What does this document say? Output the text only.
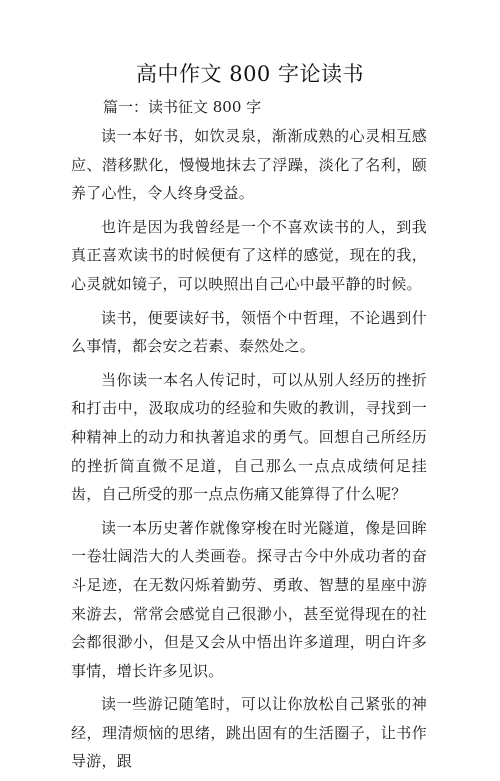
高中作文 800 字论读书
篇一：读书征文 800 字

读一本好书，如饮灵泉，渐渐成熟的心灵相互感应、潜移默化，慢慢地抹去了浮躁，淡化了名利，颐养了心性，令人终身受益。

也许是因为我曾经是一个不喜欢读书的人，到我真正喜欢读书的时候便有了这样的感觉，现在的我，心灵就如镜子，可以映照出自己心中最平静的时候。

读书，便要读好书，领悟个中哲理，不论遇到什么事情，都会安之若素、泰然处之。

当你读一本名人传记时，可以从别人经历的挫折和打击中，汲取成功的经验和失败的教训，寻找到一种精神上的动力和执著追求的勇气。回想自己所经历的挫折简直微不足道，自己那么一点点成绩何足挂齿，自己所受的那一点点伤痛又能算得了什么呢？

读一本历史著作就像穿梭在时光隧道，像是回眸一卷壮阔浩大的人类画卷。探寻古今中外成功者的奋斗足迹，在无数闪烁着勤劳、勇敢、智慧的星座中游来游去，常常会感觉自己很渺小，甚至觉得现在的社会都很渺小，但是又会从中悟出许多道理，明白许多事情，增长许多见识。

读一些游记随笔时，可以让你放松自己紧张的神经，理清烦恼的思绪，跳出固有的生活圈子，让书作导游，跟
